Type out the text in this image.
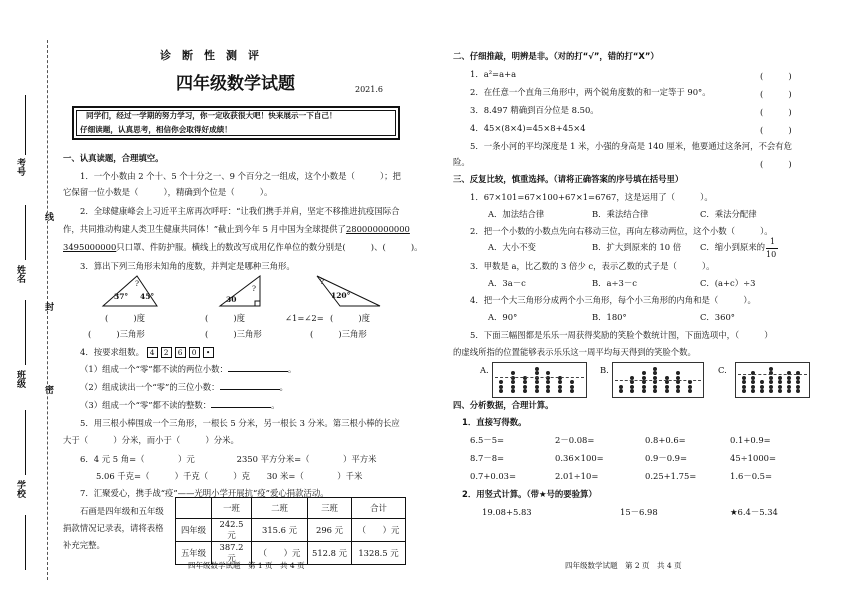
考号
线
姓名
封
班级
密
学校
诊　断　性　测　评
四年级数学试题	2021.6
同学们，经过一学期的努力学习，你一定收获很大吧！快来展示一下自己！
仔细读题，认真思考，相信你会取得好成绩！
一、认真读题，合理填空。
1．一个小数由 2 个十、5 个十分之一、9 个百分之一组成，这个小数是（　　　）；把
它保留一位小数是（　　　），精确到个位是（　　　）。
2．全球健康峰会上习近平主席再次呼吁：“让我们携手并肩，坚定不移推进抗疫国际合
作，共同推动构建人类卫生健康共同体！”截止到今年 5 月中国为全球提供了280000000000
3495000000只口罩、件防护服。横线上的数改写成用亿作单位的数分别是(　　　)、(　　　)。
3．算出下列三角形未知角的度数，并判定是哪种三角形。
37° 45°
?
30
?
120°
?
(　　　)度	(　　　)度	∠1=∠2= (　　　)度
(　　　)三角形	(　　　)三角形	(　　　)三角形
4．按要求组数。 4 2 6 0 •
（1）组成一个“零”都不读的两位小数：	。
（2）组成读出一个“零”的三位小数：	。
（3）组成一个“零”都不读的整数：	。
5．用三根小棒围成一个三角形，一根长 5 分米，另一根长 3 分米。第三根小棒的长应
大于（　　　）分米，而小于（　　　）分米。
6．4 元 5 角=（　　　　）元　　　　　2350 平方分米=（　　　　）平方米
5.06 千克=（　　　）千克（　　　）克　　30 米=（　　　　）千米
7．汇聚爱心，携手战“疫”——光明小学开展抗“疫”爱心捐款活动。
石画是四年级和五年级
捐款情况记录表，请将表格
补充完整。
	一班	二班	三班	合计
四年级	242.5 元	315.6 元	296 元	（　　）元
五年级	387.2 元	（　　）元	512.8 元	1328.5 元
四年级数学试题　第 1 页　共 4 页
二、仔细推敲，明辨是非。（对的打“√”，错的打“X”）
1．a²=a+a	(　　　)
2．在任意一个直角三角形中，两个锐角度数的和一定等于 90°。	(　　　)
3．8.497 精确到百分位是 8.50。	(　　　)
4．45×(8×4)=45×8+45×4	(　　　)
5．一条小河的平均深度是 1 米，小强的身高是 140 厘米，他要通过这条河，不会有危
险。	(　　　)
三、反复比较，慎重选择。（请将正确答案的序号填在括号里）
1．67×101=67×100+67×1=6767，这是运用了（　　　）。
A．加法结合律	B．乘法结合律	C．乘法分配律
2．把一个小数的小数点先向右移动三位，再向左移动两位，这个小数（　　　）。
A．大小不变	B．扩大到原来的 10 倍 C．缩小到原来的
1
10
3．甲数是 a，比乙数的 3 倍少 c，表示乙数的式子是（　　　）。
A．3a－c	B．a÷3－c	C．(a+c）÷3
4．把一个大三角形分成两个小三角形，每个小三角形的内角和是（　　　）。
A．90°	B．180°	C．360°
5．下面三幅图都是乐乐一周获得奖励的笑脸个数统计图，下面选项中，（　　　）
的虚线所指的位置能够表示乐乐这一周平均每天得到的笑脸个数。
A.	B.	C.
四、分析数据，合理计算。
1．直接写得数。
6.5－5=	2－0.08=	0.8+0.6=	0.1+0.9=
8.7－8=	0.36×100=	0.9－0.9=	45÷1000=
0.7+0.03=	2.01÷10=	0.25+1.75=	1.6－0.5=
2．用竖式计算。（带★号的要验算）
19.08+5.83	15－6.98	★6.4－5.34
四年级数学试题　第 2 页　共 4 页
